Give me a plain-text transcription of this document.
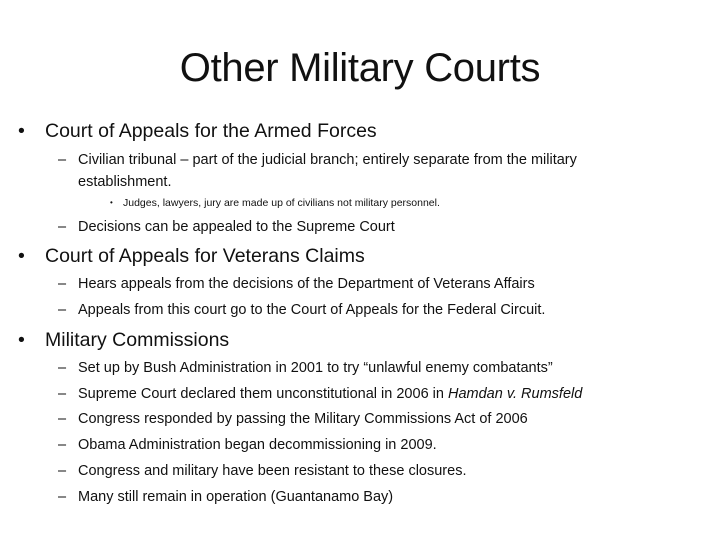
Other Military Courts
• Court of Appeals for the Armed Forces
– Civilian tribunal – part of the judicial branch; entirely separate from the military establishment.
• Judges, lawyers, jury are made up of civilians not military personnel.
– Decisions can be appealed to the Supreme Court
• Court of Appeals for Veterans Claims
– Hears appeals from the decisions of the Department of Veterans Affairs
– Appeals from this court go to the Court of Appeals for the Federal Circuit.
• Military Commissions
– Set up by Bush Administration in 2001 to try “unlawful enemy combatants”
– Supreme Court declared them unconstitutional in 2006 in Hamdan v. Rumsfeld
– Congress responded by passing the Military Commissions Act of 2006
– Obama Administration began decommissioning in 2009.
– Congress and military have been resistant to these closures.
– Many still remain in operation (Guantanamo Bay)
